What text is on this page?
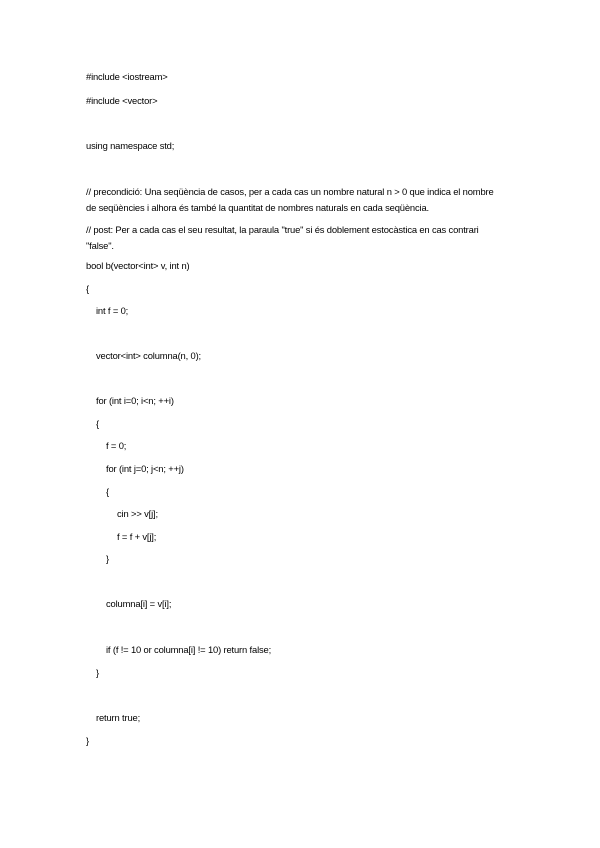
#include <iostream>
#include <vector>
using namespace std;
// precondició: Una seqüència de casos, per a cada cas un nombre natural n > 0 que indica el nombre de seqüències i alhora és també la quantitat de nombres naturals en cada seqüència.
// post: Per a cada cas el seu resultat, la paraula "true" si és doblement estocàstica en cas contrari "false".
bool b(vector<int> v, int n)
{
int f = 0;
vector<int> columna(n, 0);
for (int i=0; i<n; ++i)
{
f = 0;
for (int j=0; j<n; ++j)
{
cin >> v[j];
f = f + v[j];
}
columna[i] = v[i];
if (f != 10 or columna[i] != 10) return false;
}
return true;
}
